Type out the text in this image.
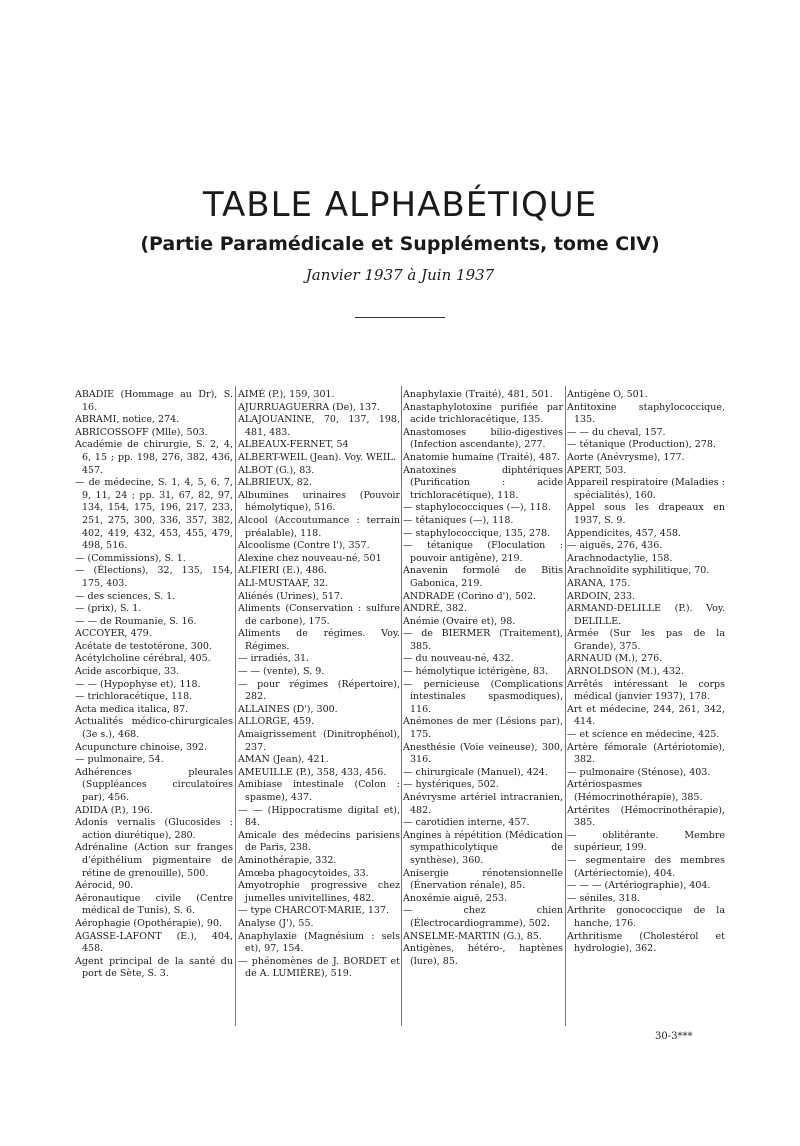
TABLE ALPHABÉTIQUE
(Partie Paramédicale et Suppléments, tome CIV)
Janvier 1937 à Juin 1937
ABADIE (Hommage au Dr), S. 16.
ABRAMI, notice, 274.
ABRICOSSOFF (Mlle), 503.
Académie de chirurgie, S. 2, 4, 6, 15 ; pp. 198, 276, 382, 436, 457.
— de médecine, S. 1, 4, 5, 6, 7, 9, 11, 24 ; pp. 31, 67, 82, 97, 134, 154, 175, 196, 217, 233, 251, 275, 300, 336, 357, 382, 402, 419, 432, 453, 455, 479, 498, 516.
— (Commissions), S. 1.
— (Élections), 32, 135, 154, 175, 403.
— des sciences, S. 1.
— (prix), S. 1.
— — de Roumanie, S. 16.
ACCOYER, 479.
Acétate de testotérone, 300.
Acétylcholine cérébral, 405.
Acide ascorbique, 33.
— — (Hypophyse et), 118.
— trichloracétique, 118.
Acta medica italica, 87.
Actualités médico-chirurgicales (3e s.), 468.
Acupuncture chinoise, 392.
— pulmonaire, 54.
Adhérences pleurales (Suppléances circulatoires par), 456.
ADIDA (P.), 196.
Adonis vernalis (Glucosides : action diurétique), 280.
Adrénaline (Action sur franges d'épithélium pigmentaire de rétine de grenouille), 500.
Aérocid, 90.
Aéronautique civile (Centre médical de Tunis), S. 6.
Aérophagie (Opothérapie), 90.
AGASSE-LAFONT (E.), 404, 458.
Agent principal de la santé du port de Sète, S. 3.
AIMÉ (P.), 159, 301.
AJURRUAGUERRA (De), 137.
ALAJOUANINE, 70, 137, 198, 481, 483.
ALBEAUX-FERNET, 54
ALBERT-WEIL (Jean). Voy. WEIL.
ALBOT (G.), 83.
ALBRIEUX, 82.
Albumines urinaires (Pouvoir hémolytique), 516.
Alcool (Accoutumance : terrain préalable), 118.
Alcoolisme (Contre l'), 357.
Alexine chez nouveau-né, 501
ALFIERI (E.), 486.
ALI-MUSTAAF, 32.
Aliénés (Urines), 517.
Aliments (Conservation : sulfure de carbone), 175.
Aliments de régimes. Voy. Régimes.
— irradiés, 31.
— — (vente), S. 9.
— pour régimes (Répertoire), 282.
ALLAINES (D'), 300.
ALLORGE, 459.
Amaigrissement (Dinitrophénol), 237.
AMAN (Jean), 421.
AMEUILLE (P.), 358, 433, 456.
Amibiase intestinale (Colon : spasme), 437.
— — (Hippocratisme digital et), 84.
Amicale des médecins parisiens de Paris, 238.
Aminothérapie, 332.
Amœba phagocytoides, 33.
Amyotrophie progressive chez jumelles univitellines, 482.
— type CHARCOT-MARIE, 137.
Analyse (J'), 55.
Anaphylaxie (Magnésium : sels et), 97, 154.
— phénomènes de J. BORDET et de A. LUMIÈRE), 519.
Anaphylaxie (Traité), 481, 501.
Anastaphylotoxine purifiée par acide trichloracétique, 135.
Anastomoses bilio-digestives (Infection ascendante), 277.
Anatomie humaine (Traité), 487.
Anatoxines diphtériques (Purification : acide trichloracétique), 118.
— staphylococciques (—), 118.
— tétaniques (—), 118.
— staphylococcique, 135, 278.
— tétanique (Floculation : pouvoir antigène), 219.
Anavenin formolé de Bitis Gabonica, 219.
ANDRADE (Corino d'), 502.
ANDRÉ, 382.
Anémie (Ovaire et), 98.
— de BIERMER (Traitement), 385.
— du nouveau-né, 432.
— hémolytique ictérigène, 83.
— pernicieuse (Complications intestinales spasmodiques), 116.
Anémones de mer (Lésions par), 175.
Anesthésie (Voie veineuse), 300, 316.
— chirurgicale (Manuel), 424.
— hystériques, 502.
Anévrysme artériel intracranien, 482.
— carotidien interne, 457.
Angines à répétition (Médication sympathicolytique de synthèse), 360.
Anisergie rénotensionnelle (Énervation rénale), 85.
Anoxémie aiguë, 253.
— chez chien (Électrocardiogramme), 502.
ANSELME-MARTIN (G.), 85.
Antigènes, hétéro-, haptènes (lure), 85.
Antigène O, 501.
Antitoxine staphylococcique, 135.
— — du cheval, 157.
— tétanique (Production), 278.
Aorte (Anévrysme), 177.
APERT, 503.
Appareil respiratoire (Maladies : spécialités), 160.
Appel sous les drapeaux en 1937, S. 9.
Appendicites, 457, 458.
— aiguës, 276, 436.
Arachnodactylie, 158.
Arachnoïdite syphilitique, 70.
ARANA, 175.
ARDOIN, 233.
ARMAND-DELILLE (P.). Voy. DELILLE.
Armée (Sur les pas de la Grande), 375.
ARNAUD (M.), 276.
ARNOLDSON (M.), 432.
Arrêtés intéressant le corps médical (janvier 1937), 178.
Art et médecine, 244, 261, 342, 414.
— et science en médecine, 425.
Artère fémorale (Artériotomie), 382.
— pulmonaire (Sténose), 403.
Artériospasmes (Hémocrinothérapie), 385.
Artérites (Hémocrinothérapie), 385.
— oblitérante. Membre supérieur, 199.
— segmentaire des membres (Artériectomie), 404.
— — — (Artériographie), 404.
— séniles, 318.
Arthrite gonococcique de la hanche, 176.
Arthritisme (Cholestérol et hydrologie), 362.
30-3***
